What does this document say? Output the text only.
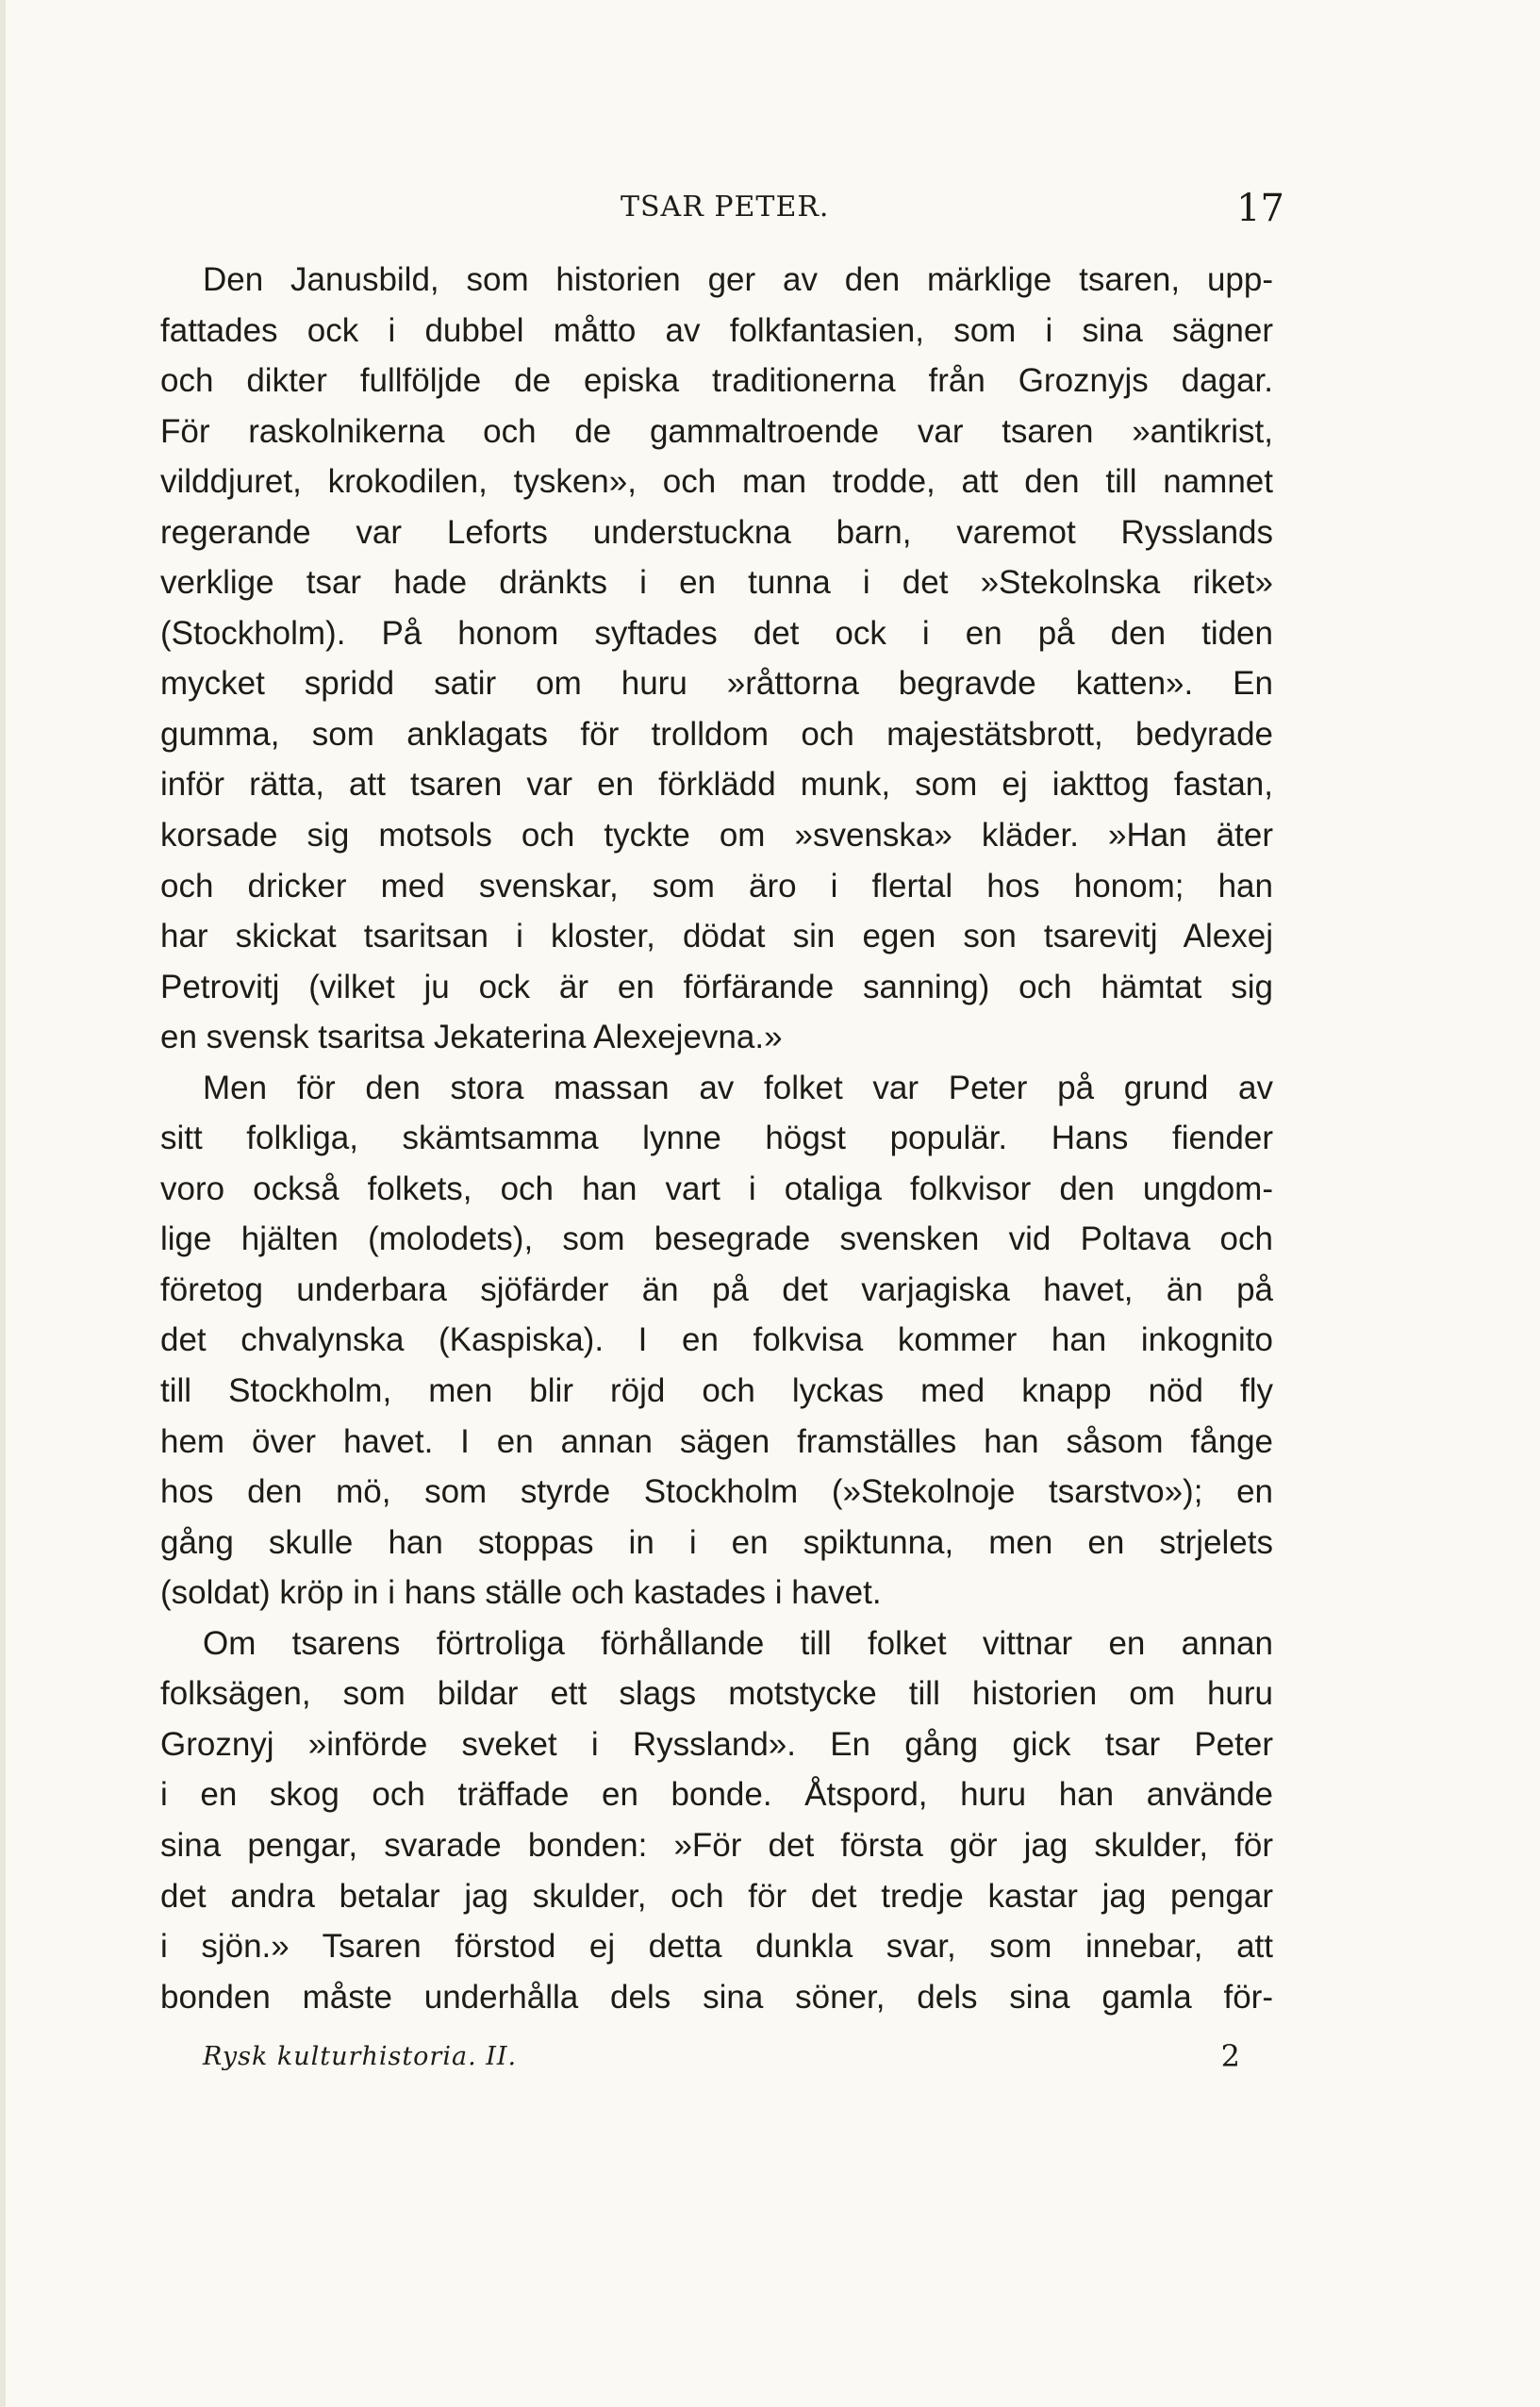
TSAR PETER.	17
Den Janusbild, som historien ger av den märklige tsaren, upp-
fattades ock i dubbel måtto av folkfantasien, som i sina sägner
och dikter fullföljde de episka traditionerna från Groznyjs dagar.
För raskolnikerna och de gammaltroende var tsaren »antikrist,
vilddjuret, krokodilen, tysken», och man trodde, att den till namnet
regerande var Leforts understuckna barn, varemot Rysslands
verklige tsar hade dränkts i en tunna i det »Stekolnska riket»
(Stockholm). På honom syftades det ock i en på den tiden
mycket spridd satir om huru »råttorna begravde katten». En
gumma, som anklagats för trolldom och majestätsbrott, bedyrade
inför rätta, att tsaren var en förklädd munk, som ej iakttog fastan,
korsade sig motsols och tyckte om »svenska» kläder. »Han äter
och dricker med svenskar, som äro i flertal hos honom; han
har skickat tsaritsan i kloster, dödat sin egen son tsarevitj Alexej
Petrovitj (vilket ju ock är en förfärande sanning) och hämtat sig
en svensk tsaritsa Jekaterina Alexejevna.»
Men för den stora massan av folket var Peter på grund av
sitt folkliga, skämtsamma lynne högst populär. Hans fiender
voro också folkets, och han vart i otaliga folkvisor den ungdom-
lige hjälten (molodets), som besegrade svensken vid Poltava och
företog underbara sjöfärder än på det varjagiska havet, än på
det chvalynska (Kaspiska). I en folkvisa kommer han inkognito
till Stockholm, men blir röjd och lyckas med knapp nöd fly
hem över havet. I en annan sägen framställes han såsom fånge
hos den mö, som styrde Stockholm (»Stekolnoje tsarstvo»); en
gång skulle han stoppas in i en spiktunna, men en strjelets
(soldat) kröp in i hans ställe och kastades i havet.
Om tsarens förtroliga förhållande till folket vittnar en annan
folksägen, som bildar ett slags motstycke till historien om huru
Groznyj »införde sveket i Ryssland». En gång gick tsar Peter
i en skog och träffade en bonde. Åtspord, huru han använde
sina pengar, svarade bonden: »För det första gör jag skulder, för
det andra betalar jag skulder, och för det tredje kastar jag pengar
i sjön.» Tsaren förstod ej detta dunkla svar, som innebar, att
bonden måste underhålla dels sina söner, dels sina gamla för-
Rysk kulturhistoria. II.	2
